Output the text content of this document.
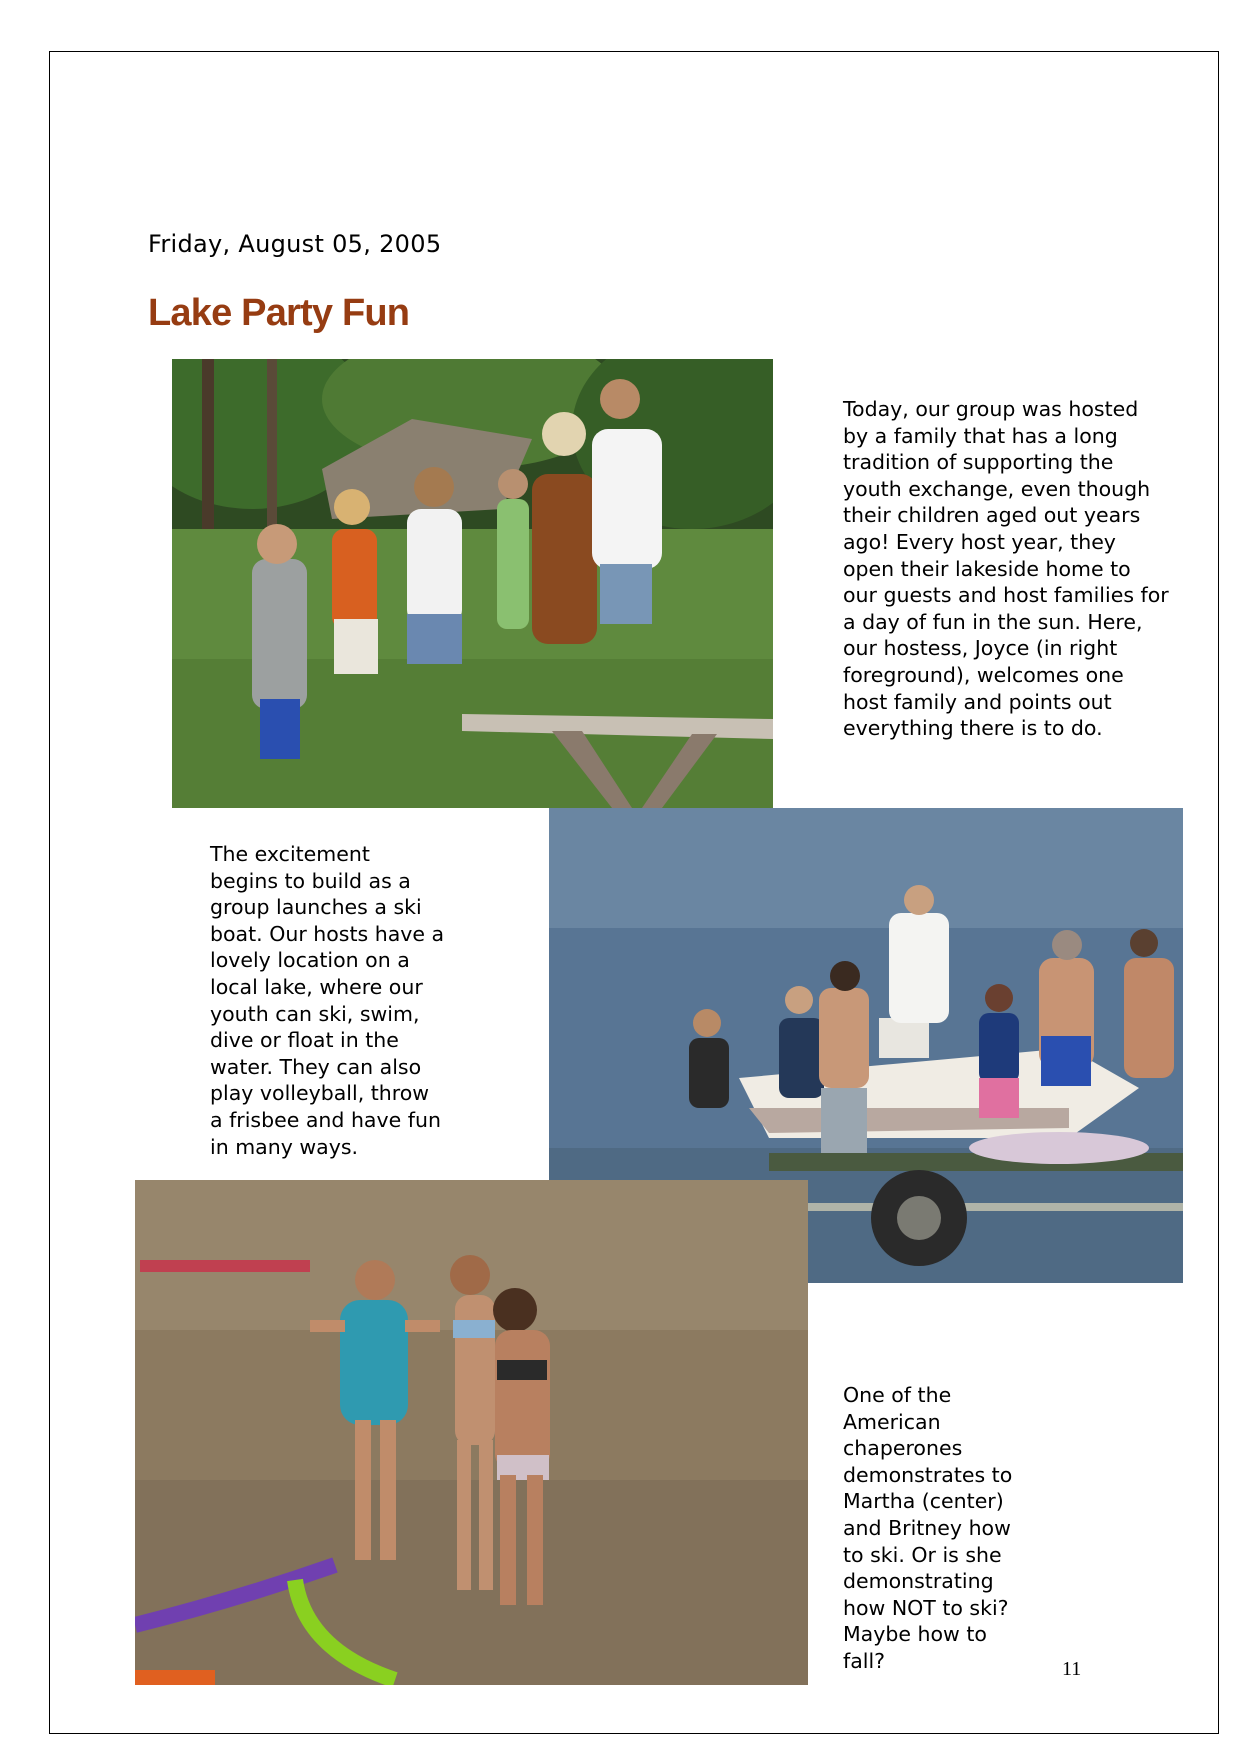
Friday, August 05, 2005
Lake Party Fun
Today, our group was hosted
by a family that has a long
tradition of supporting the
youth exchange, even though
their children aged out years
ago! Every host year, they
open their lakeside home to
our guests and host families for
a day of fun in the sun. Here,
our hostess, Joyce (in right
foreground), welcomes one
host family and points out
everything there is to do.
The excitement
begins to build as a
group launches a ski
boat. Our hosts have a
lovely location on a
local lake, where our
youth can ski, swim,
dive or float in the
water. They can also
play volleyball, throw
a frisbee and have fun
in many ways.
One of the
American
chaperones
demonstrates to
Martha (center)
and Britney how
to ski. Or is she
demonstrating
how NOT to ski?
Maybe how to
fall?	11
